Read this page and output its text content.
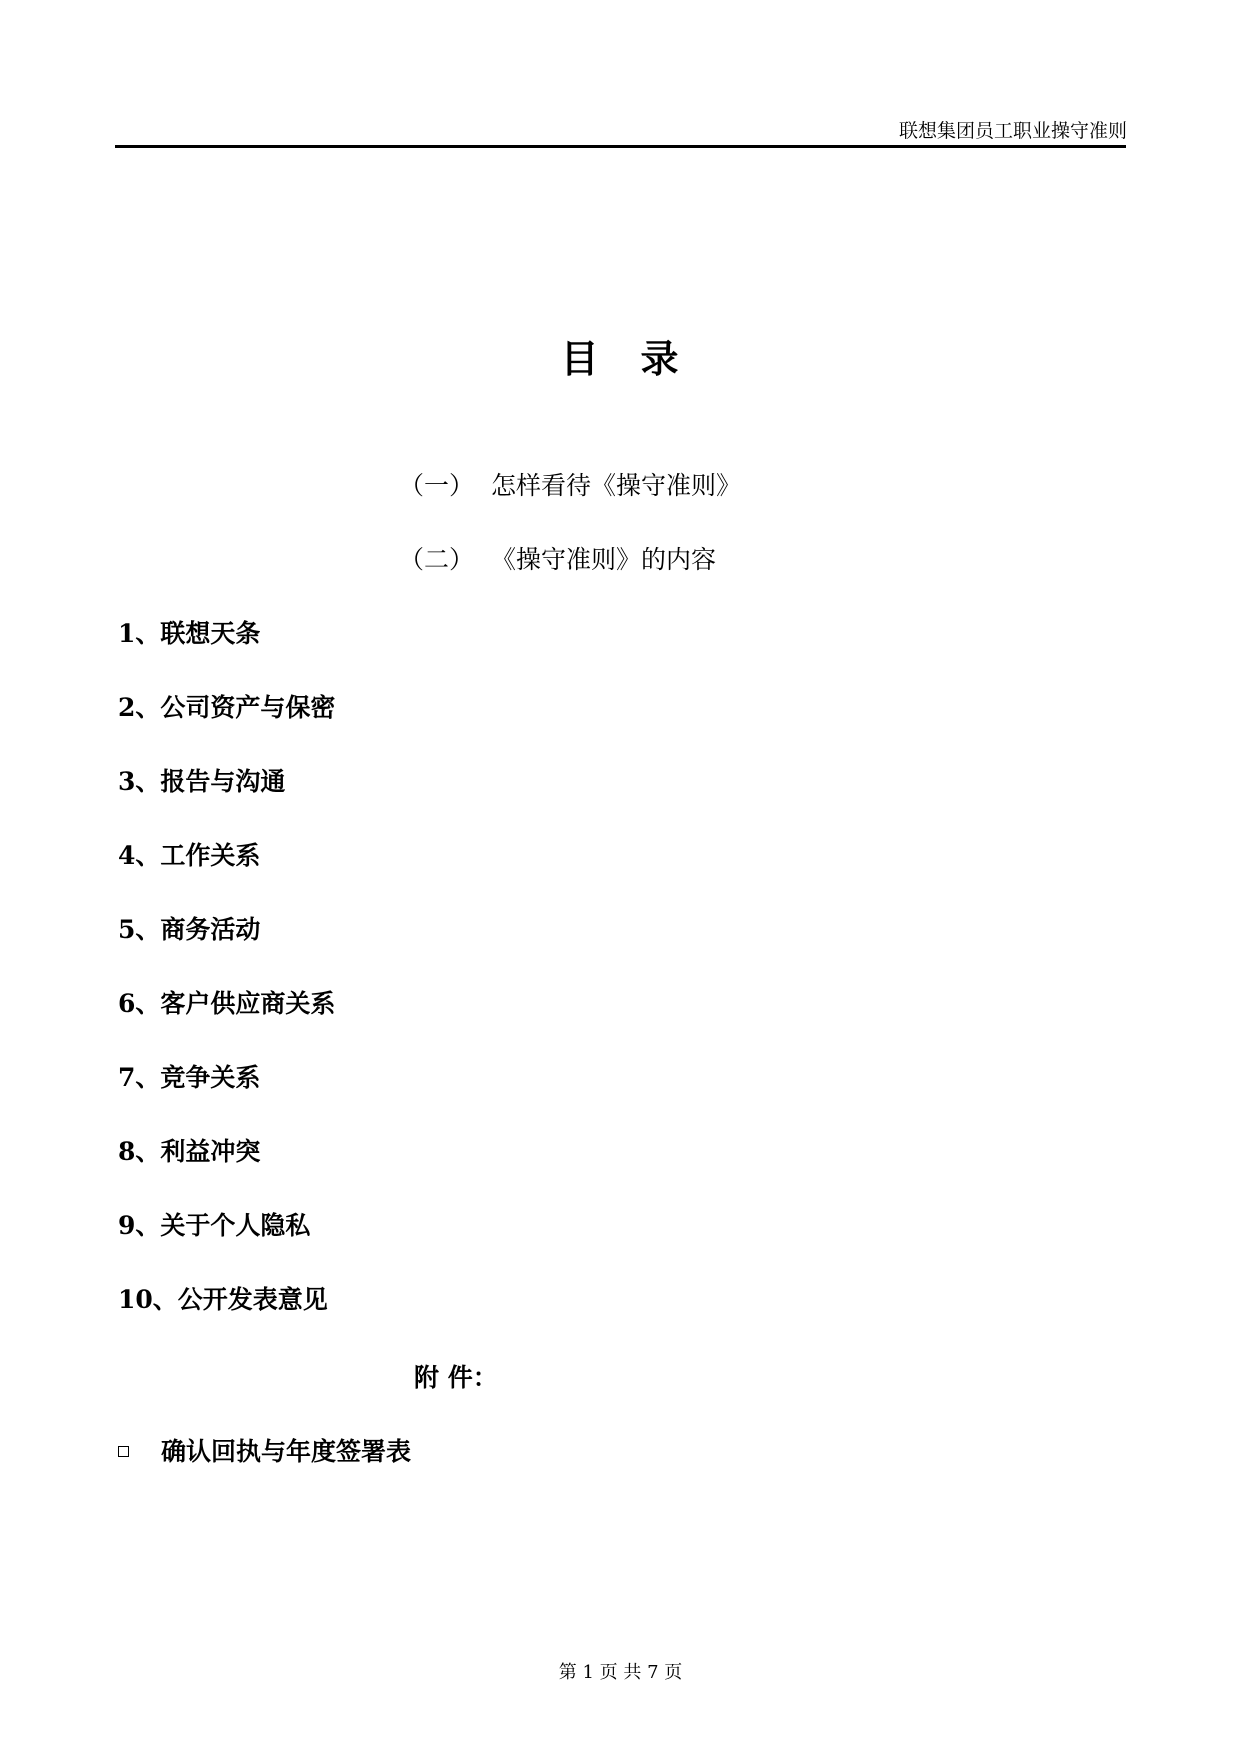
联想集团员工职业操守准则
目　录
（一） 怎样看待《操守准则》
（二） 《操守准则》的内容
1、联想天条
2、公司资产与保密
3、报告与沟通
4、工作关系
5、商务活动
6、客户供应商关系
7、竞争关系
8、利益冲突
9、关于个人隐私
10、公开发表意见
附 件：
确认回执与年度签署表
第 1 页 共 7 页
